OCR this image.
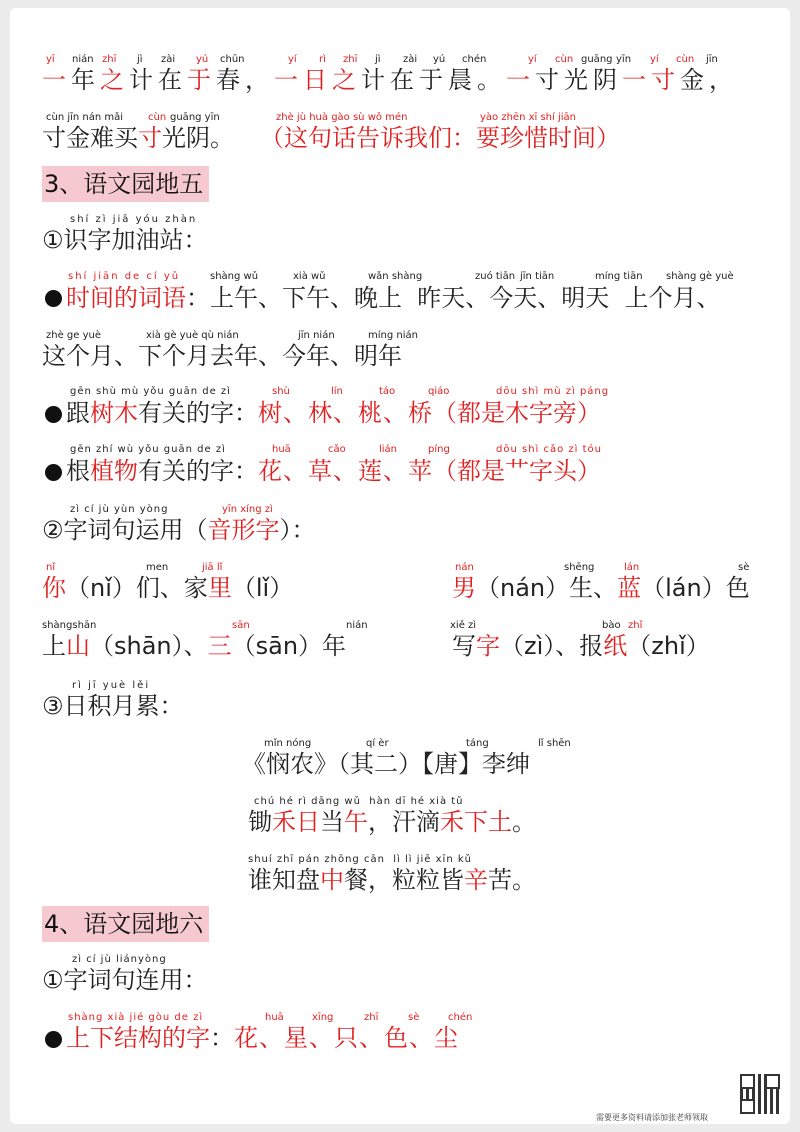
yī nián zhī jì zài yú chūn	yí rì zhī jì zài yú chén	yí cùn guāng yīn yí cùn jīn
一年之计在于春，一日之计在于晨。一寸光阴一寸金，
cùn jīn nán mǎi cùn guāng yīn	zhè jù huà gào sù wǒ mén	yào zhēn xī shí jiān
寸金难买寸光阴。 （这句话告诉我们：要珍惜时间）
3、语文园地五
shí zì jiā yóu zhàn
①识字加油站：
shí jiān de cí yǔ	shàng wǔ	xià wǔ	wǎn shàng	zuó tiān jīn tiān	míng tiān shàng gè yuè
时间的词语：上午、下午、晚上  昨天、今天、明天  上个月、
zhè ge yuè	xià gè yuè qù nián	jīn nián	míng nián
这个月、下个月去年、今年、明年
gēn shù mù yǒu guān de zì	shù	lín	táo	qiáo	dōu shì mù zì páng
跟树木有关的字：树、林、桃、桥（都是木字旁）
gēn zhí wù yǒu guān de zì	huā	cǎo	lián	píng	dōu shì cǎo zì tóu
根植物有关的字：花、草、莲、苹（都是艹字头）
zì cí jù yùn yòng	yīn xíng zì
②字词句运用（音形字）：
nǐ	men	jiā lǐ
你（nǐ）们、家里（lǐ）
nán	shēng	lán	sè
男（nán）生、蓝（lán）色
shàngshān	sān	nián
上山（shān）、三（sān）年
xiě zì	bào zhǐ
写字（zì）、报纸（zhǐ）
rì jī yuè lěi
③日积月累：
mǐn nóng	qí èr	táng	lǐ shēn
《悯农》（其二）【唐】李绅
chú hé rì dāng wǔ  hàn dī hé xià tǔ
锄禾日当午，汗滴禾下土。
shuí zhī pán zhōng cān  lì lì jiē xīn kǔ
谁知盘中餐，粒粒皆辛苦。
4、语文园地六
zì cí jù liányòng
①字词句连用：
shàng xià jié gòu de zì	huā	xīng	zhī	sè	chén
上下结构的字：花、星、只、色、尘
需要更多资料请添加张老师领取
